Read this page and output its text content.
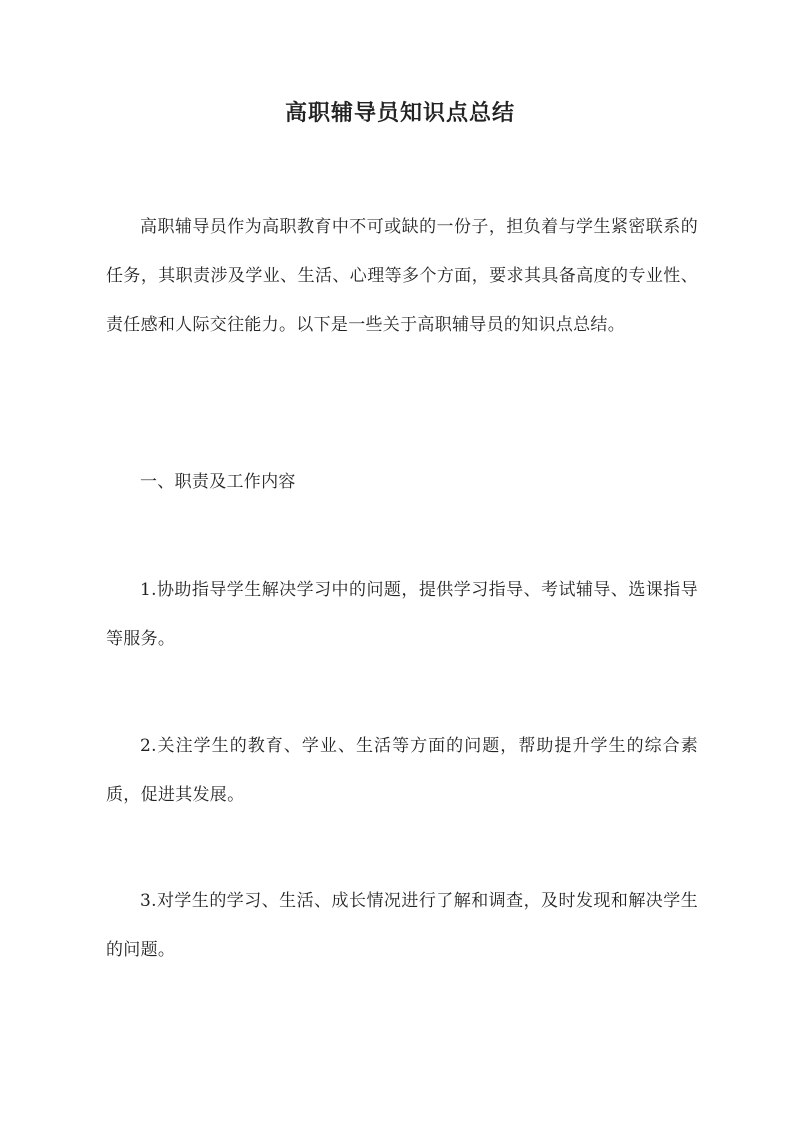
高职辅导员知识点总结

高职辅导员作为高职教育中不可或缺的一份子，担负着与学生紧密联系的任务，其职责涉及学业、生活、心理等多个方面，要求其具备高度的专业性、责任感和人际交往能力。以下是一些关于高职辅导员的知识点总结。

一、职责及工作内容

1.协助指导学生解决学习中的问题，提供学习指导、考试辅导、选课指导等服务。

2.关注学生的教育、学业、生活等方面的问题，帮助提升学生的综合素质，促进其发展。

3.对学生的学习、生活、成长情况进行了解和调查，及时发现和解决学生的问题。
